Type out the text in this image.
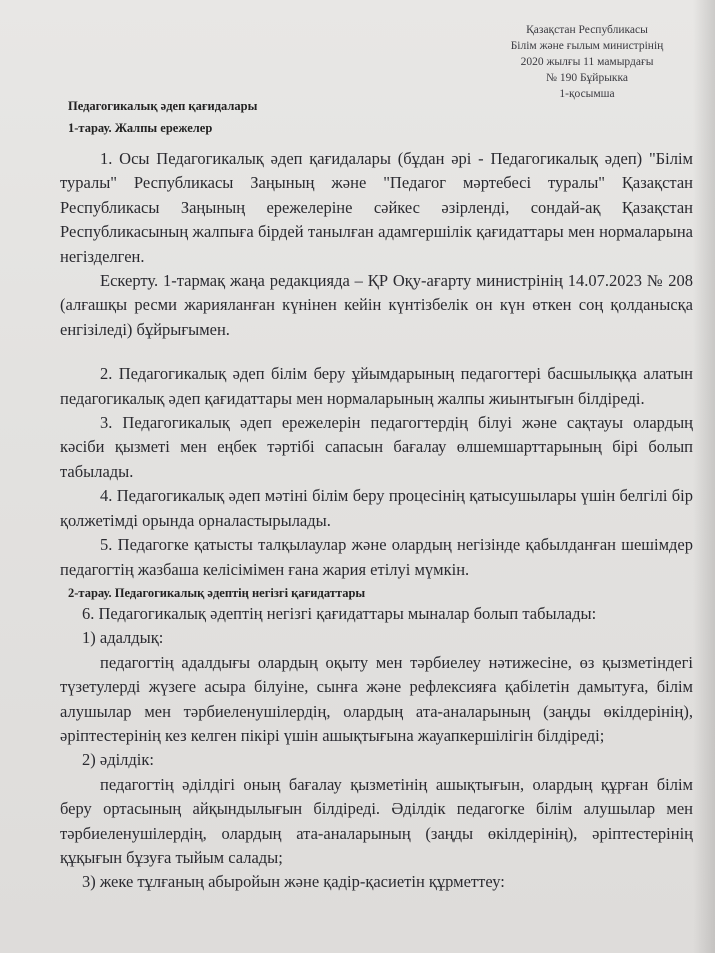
Қазақстан Республикасы
Білім және ғылым министрінің
2020 жылғы 11 мамырдағы
№ 190 Бұйрыкка
1-қосымша
Педагогикалық әдеп қағидалары
1-тарау. Жалпы ережелер

1. Осы Педагогикалық әдеп қағидалары (бұдан әрі - Педагогикалық әдеп) "Білім туралы" Республикасы Заңының және "Педагог мәртебесі туралы" Қазақстан Республикасы Заңының ережелеріне сәйкес әзірленді, сондай-ақ Қазақстан Республикасының жалпыға бірдей танылған адамгершілік қағидаттары мен нормаларына негізделген.

Ескерту. 1-тармақ жаңа редакцияда – ҚР Оқу-ағарту министрінің 14.07.2023 № 208 (алғашқы ресми жарияланған күнінен кейін күнтізбелік он күн өткен соң қолданысқа енгізіледі) бұйрығымен.

2. Педагогикалық әдеп білім беру ұйымдарының педагогтері басшылыққа алатын педагогикалық әдеп қағидаттары мен нормаларының жалпы жиынтығын білдіреді.

3. Педагогикалық әдеп ережелерін педагогтердің білуі және сақтауы олардың кәсіби қызметі мен еңбек тәртібі сапасын бағалау өлшемшарттарының бірі болып табылады.

4. Педагогикалық әдеп мәтіні білім беру процесінің қатысушылары үшін белгілі бір қолжетімді орында орналастырылады.

5. Педагогке қатысты талқылаулар және олардың негізінде қабылданған шешімдер педагогтің жазбаша келісімімен ғана жария етілуі мүмкін.

2-тарау. Педагогикалық әдептің негізгі қағидаттары

6. Педагогикалық әдептің негізгі қағидаттары мыналар болып табылады:

1) адалдық:

педагогтің адалдығы олардың оқыту мен тәрбиелеу нәтижесіне, өз қызметіндегі түзетулерді жүзеге асыра білуіне, сынға және рефлексияға қабілетін дамытуға, білім алушылар мен тәрбиеленушілердің, олардың ата-аналарының (заңды өкілдерінің), әріптестерінің кез келген пікірі үшін ашықтығына жауапкершілігін білдіреді;

2) әділдік:

педагогтің әділдігі оның бағалау қызметінің ашықтығын, олардың құрған білім беру ортасының айқындылығын білдіреді. Әділдік педагогке білім алушылар мен тәрбиеленушілердің, олардың ата-аналарының (заңды өкілдерінің), әріптестерінің құқығын бұзуға тыйым салады;

3) жеке тұлғаның абыройын және қадір-қасиетін құрметтеу:
